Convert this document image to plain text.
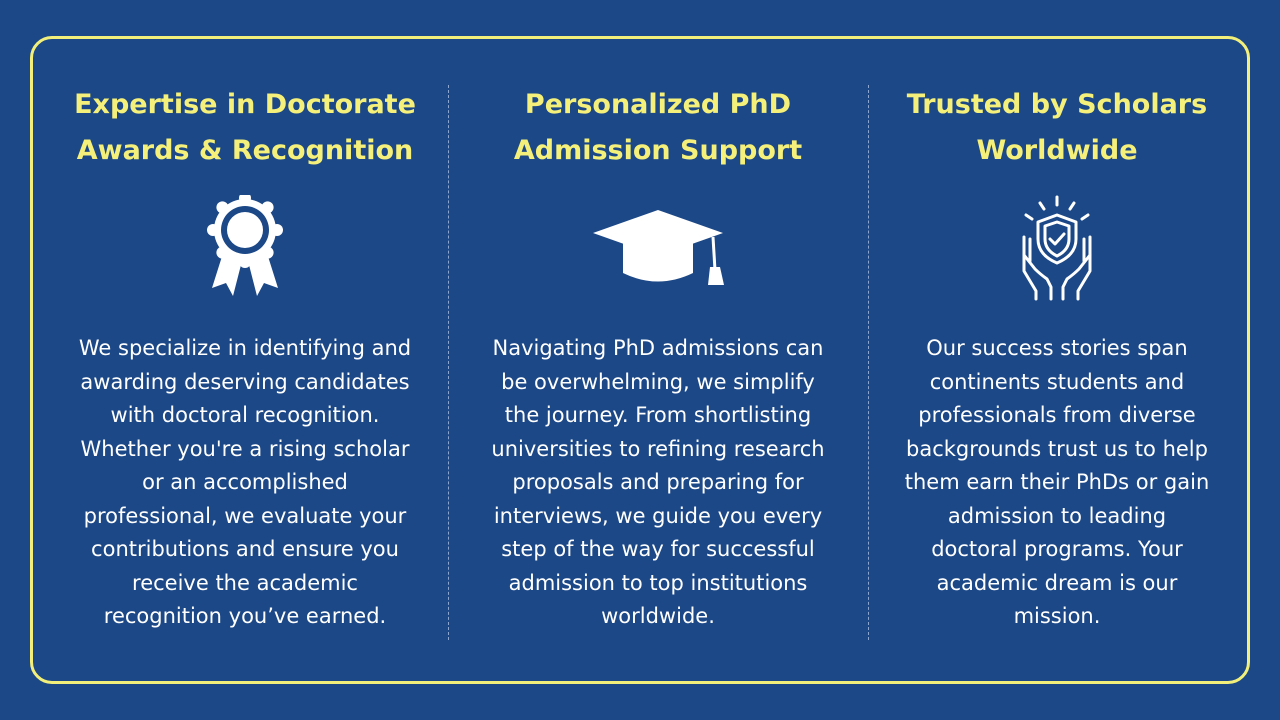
Expertise in Doctorate
Awards & Recognition

We specialize in identifying and
awarding deserving candidates
with doctoral recognition.
Whether you're a rising scholar
or an accomplished
professional, we evaluate your
contributions and ensure you
receive the academic
recognition you’ve earned.

Personalized PhD
Admission Support

Navigating PhD admissions can
be overwhelming, we simplify
the journey. From shortlisting
universities to refining research
proposals and preparing for
interviews, we guide you every
step of the way for successful
admission to top institutions
worldwide.

Trusted by Scholars
Worldwide

Our success stories span
continents students and
professionals from diverse
backgrounds trust us to help
them earn their PhDs or gain
admission to leading
doctoral programs. Your
academic dream is our
mission.
